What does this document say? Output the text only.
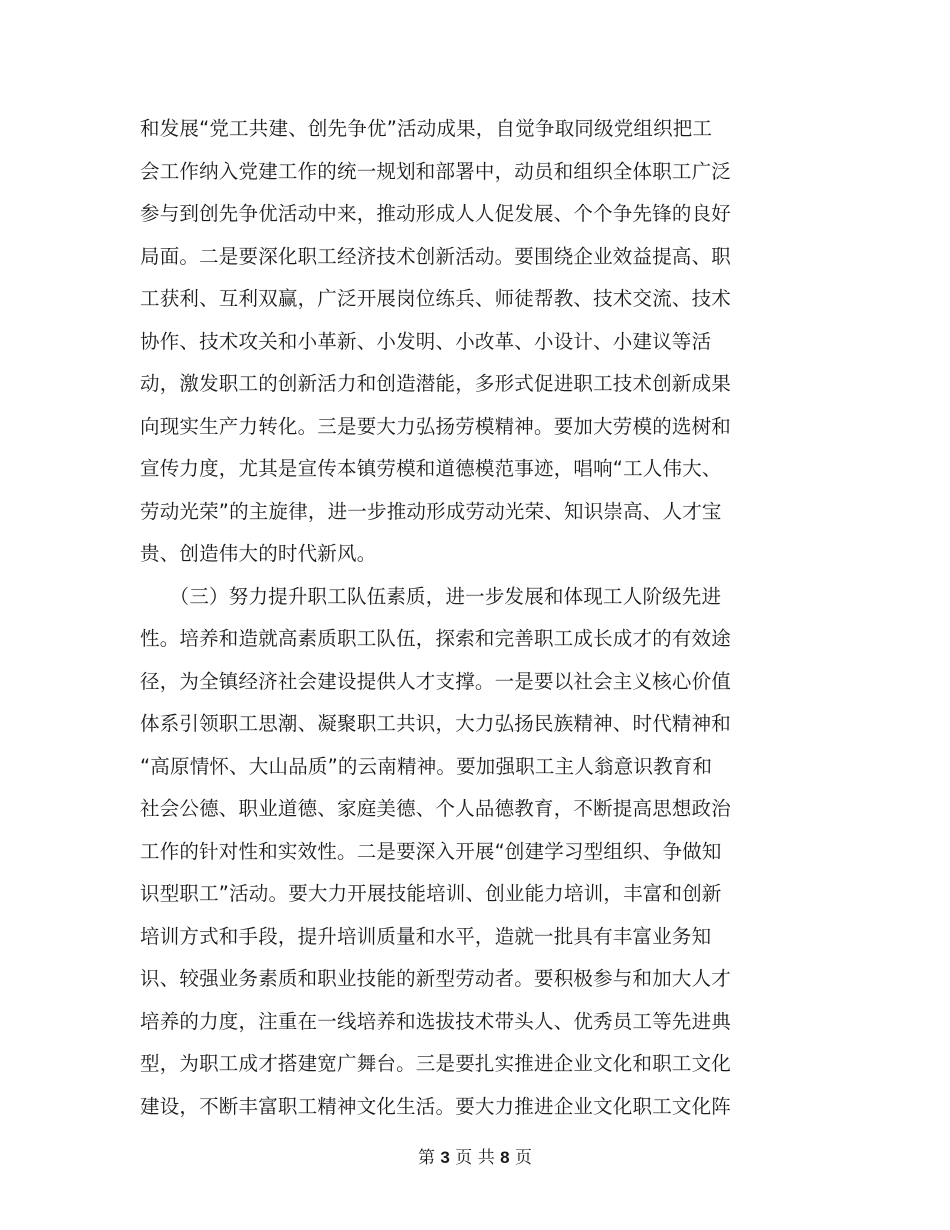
和发展“党工共建、创先争优”活动成果，自觉争取同级党组织把工
会工作纳入党建工作的统一规划和部署中，动员和组织全体职工广泛
参与到创先争优活动中来，推动形成人人促发展、个个争先锋的良好
局面。二是要深化职工经济技术创新活动。要围绕企业效益提高、职
工获利、互利双赢，广泛开展岗位练兵、师徒帮教、技术交流、技术
协作、技术攻关和小革新、小发明、小改革、小设计、小建议等活
动，激发职工的创新活力和创造潜能，多形式促进职工技术创新成果
向现实生产力转化。三是要大力弘扬劳模精神。要加大劳模的选树和
宣传力度，尤其是宣传本镇劳模和道德模范事迹，唱响“工人伟大、
劳动光荣”的主旋律，进一步推动形成劳动光荣、知识崇高、人才宝
贵、创造伟大的时代新风。
　　（三）努力提升职工队伍素质，进一步发展和体现工人阶级先进
性。培养和造就高素质职工队伍，探索和完善职工成长成才的有效途
径，为全镇经济社会建设提供人才支撑。一是要以社会主义核心价值
体系引领职工思潮、凝聚职工共识，大力弘扬民族精神、时代精神和
“高原情怀、大山品质”的云南精神。要加强职工主人翁意识教育和
社会公德、职业道德、家庭美德、个人品德教育，不断提高思想政治
工作的针对性和实效性。二是要深入开展“创建学习型组织、争做知
识型职工”活动。要大力开展技能培训、创业能力培训，丰富和创新
培训方式和手段，提升培训质量和水平，造就一批具有丰富业务知
识、较强业务素质和职业技能的新型劳动者。要积极参与和加大人才
培养的力度，注重在一线培养和选拔技术带头人、优秀员工等先进典
型，为职工成才搭建宽广舞台。三是要扎实推进企业文化和职工文化
建设，不断丰富职工精神文化生活。要大力推进企业文化职工文化阵
第 3 页 共 8 页
